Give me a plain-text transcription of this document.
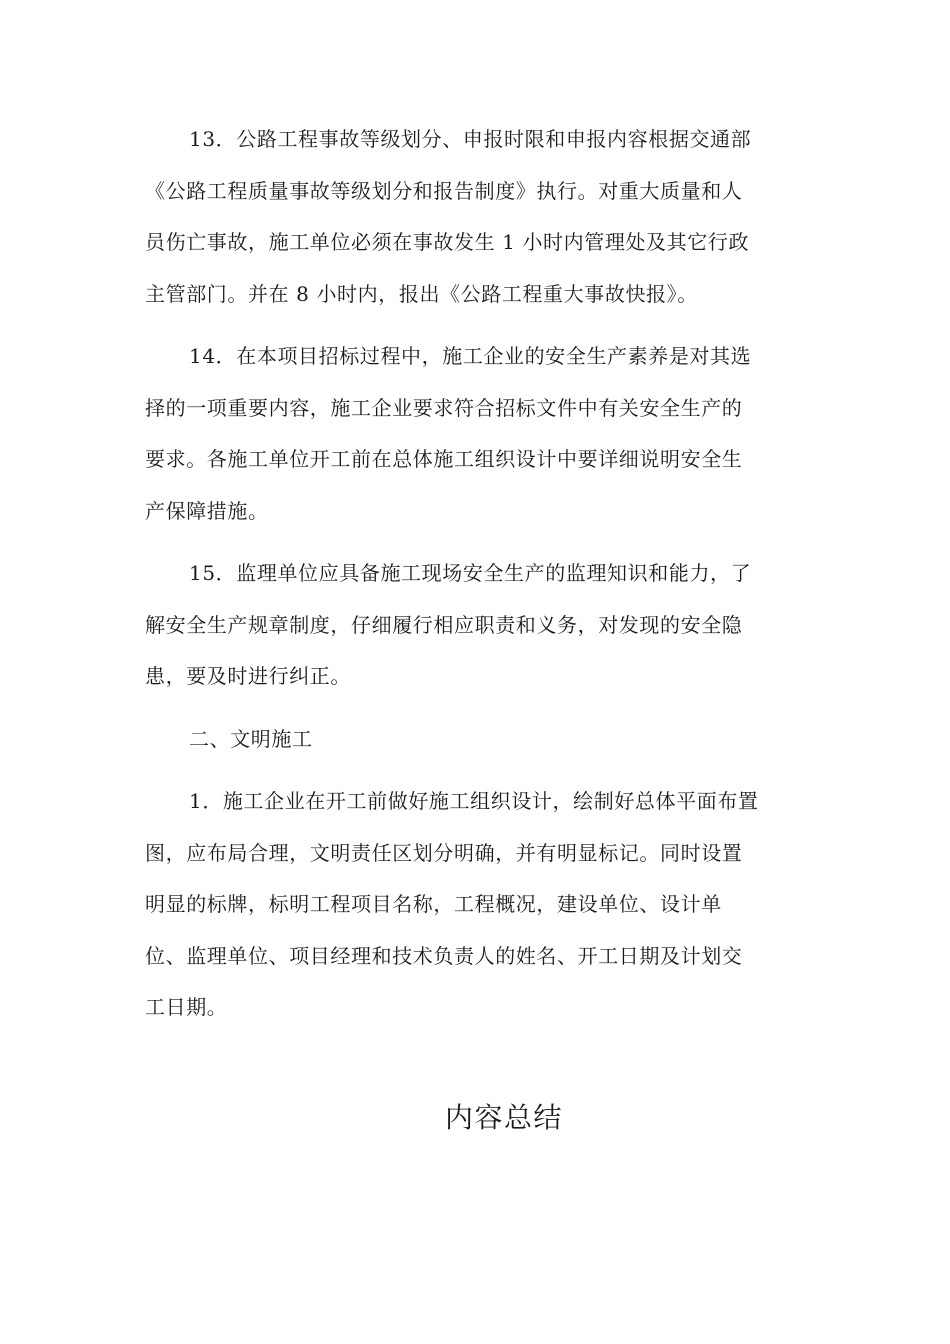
13．公路工程事故等级划分、申报时限和申报内容根据交通部
《公路工程质量事故等级划分和报告制度》执行。对重大质量和人
员伤亡事故，施工单位必须在事故发生 1 小时内管理处及其它行政
主管部门。并在 8 小时内，报出《公路工程重大事故快报》。

14．在本项目招标过程中，施工企业的安全生产素养是对其选
择的一项重要内容，施工企业要求符合招标文件中有关安全生产的
要求。各施工单位开工前在总体施工组织设计中要详细说明安全生
产保障措施。

15．监理单位应具备施工现场安全生产的监理知识和能力，了
解安全生产规章制度，仔细履行相应职责和义务，对发现的安全隐
患，要及时进行纠正。

二、文明施工

1．施工企业在开工前做好施工组织设计，绘制好总体平面布置
图，应布局合理，文明责任区划分明确，并有明显标记。同时设置
明显的标牌，标明工程项目名称，工程概况，建设单位、设计单
位、监理单位、项目经理和技术负责人的姓名、开工日期及计划交
工日期。

内容总结
